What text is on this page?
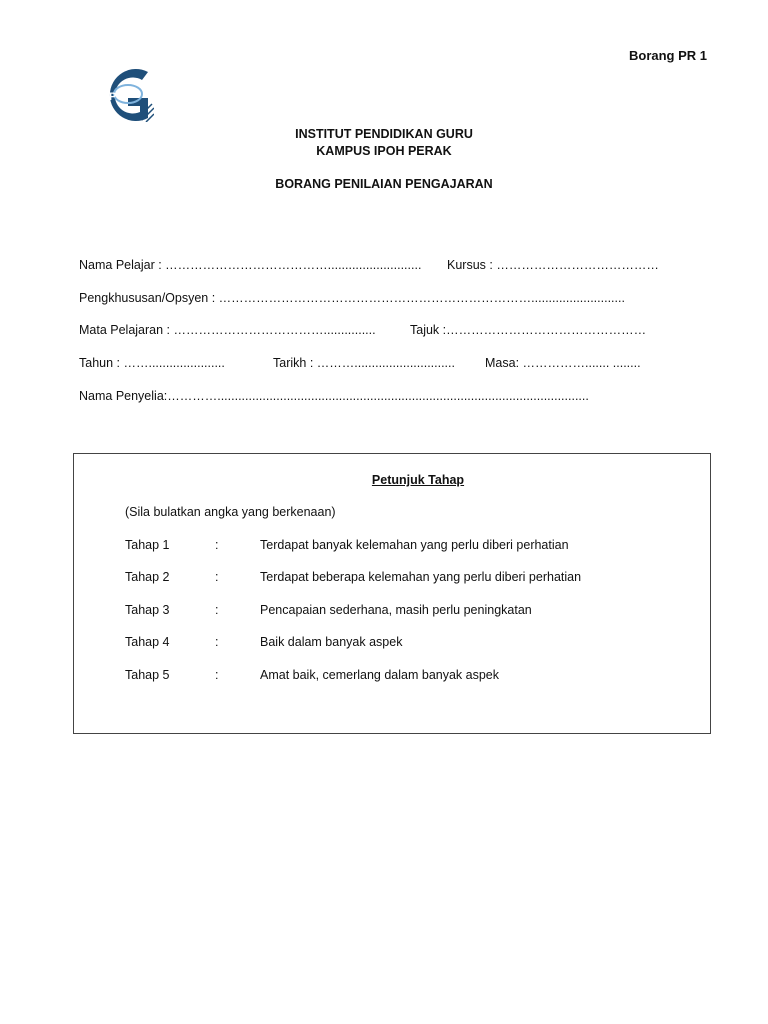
Borang PR 1
IPG
INSTITUT PENDIDIKAN GURU
KAMPUS IPOH PERAK
BORANG PENILAIAN PENGAJARAN
Nama Pelajar : …………………………………........................... Kursus : …………………………………
Pengkhususan/Opsyen : …………………………………………………………………...........................
Mata Pelajaran : ………………………………...............	Tajuk :…………………………………………
Tahun : ……......................	Tarikh : ………............................. Masa: ……………....... ........
Nama Penyelia:…………...........................................................................................................
Petunjuk Tahap
(Sila bulatkan angka yang berkenaan)
Tahap 1	:	Terdapat banyak kelemahan yang perlu diberi perhatian
Tahap 2	:	Terdapat beberapa kelemahan yang perlu diberi perhatian
Tahap 3	:	Pencapaian sederhana, masih perlu peningkatan
Tahap 4	:	Baik dalam banyak aspek
Tahap 5	:	Amat baik, cemerlang dalam banyak aspek
